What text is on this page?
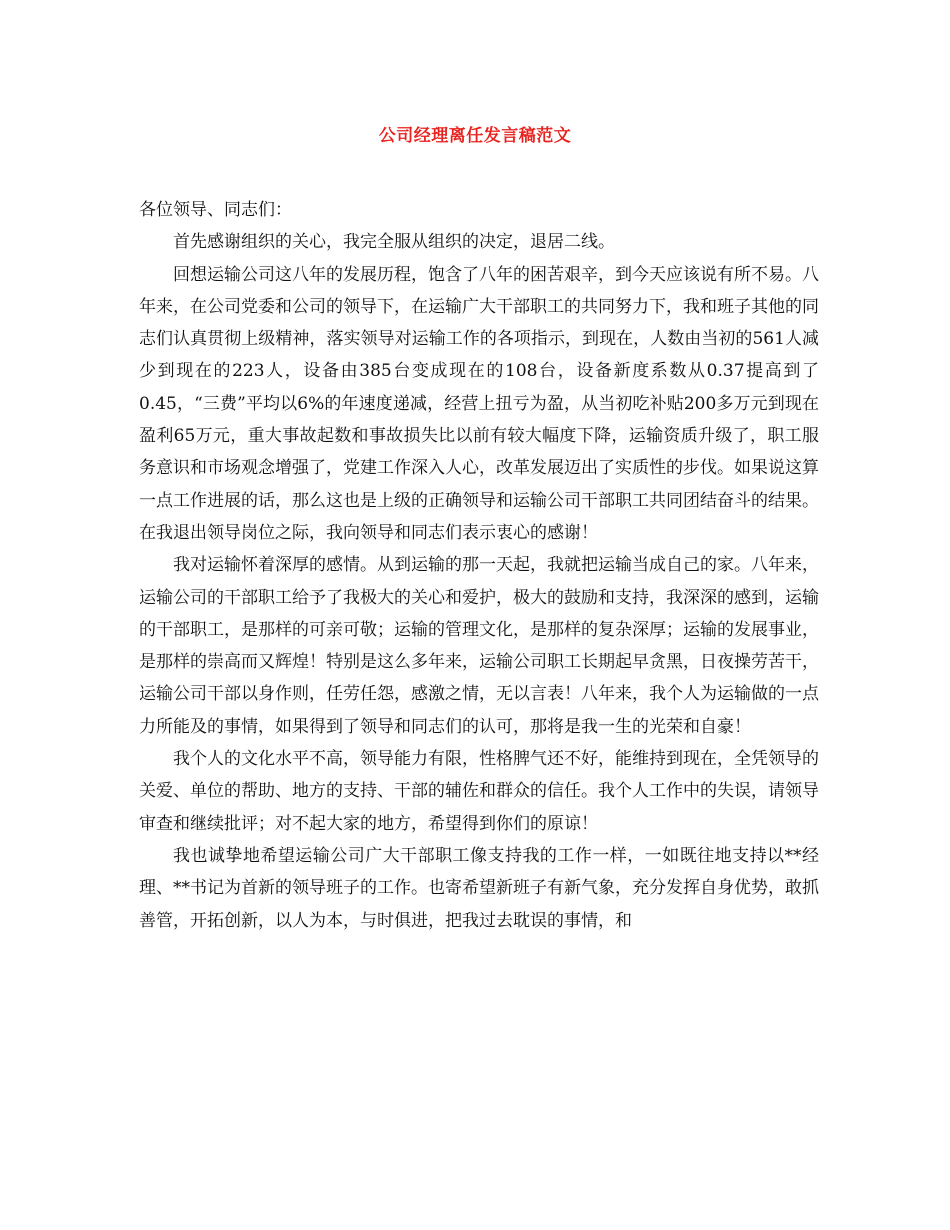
公司经理离任发言稿范文

各位领导、同志们：

首先感谢组织的关心，我完全服从组织的决定，退居二线。

回想运输公司这八年的发展历程，饱含了八年的困苦艰辛，到今天应该说有所不易。八年来，在公司党委和公司的领导下，在运输广大干部职工的共同努力下，我和班子其他的同志们认真贯彻上级精神，落实领导对运输工作的各项指示，到现在，人数由当初的561人减少到现在的223人，设备由385台变成现在的108台，设备新度系数从0.37提高到了0.45，“三费”平均以6%的年速度递减，经营上扭亏为盈，从当初吃补贴200多万元到现在盈利65万元，重大事故起数和事故损失比以前有较大幅度下降，运输资质升级了，职工服务意识和市场观念增强了，党建工作深入人心，改革发展迈出了实质性的步伐。如果说这算一点工作进展的话，那么这也是上级的正确领导和运输公司干部职工共同团结奋斗的结果。在我退出领导岗位之际，我向领导和同志们表示衷心的感谢！

我对运输怀着深厚的感情。从到运输的那一天起，我就把运输当成自己的家。八年来，运输公司的干部职工给予了我极大的关心和爱护，极大的鼓励和支持，我深深的感到，运输的干部职工，是那样的可亲可敬；运输的管理文化，是那样的复杂深厚；运输的发展事业，是那样的崇高而又辉煌！特别是这么多年来，运输公司职工长期起早贪黑，日夜操劳苦干，运输公司干部以身作则，任劳任怨，感激之情，无以言表！八年来，我个人为运输做的一点力所能及的事情，如果得到了领导和同志们的认可，那将是我一生的光荣和自豪！

我个人的文化水平不高，领导能力有限，性格脾气还不好，能维持到现在，全凭领导的关爱、单位的帮助、地方的支持、干部的辅佐和群众的信任。我个人工作中的失误，请领导审查和继续批评；对不起大家的地方，希望得到你们的原谅！

我也诚挚地希望运输公司广大干部职工像支持我的工作一样，一如既往地支持以**经理、**书记为首新的领导班子的工作。也寄希望新班子有新气象，充分发挥自身优势，敢抓善管，开拓创新，以人为本，与时俱进，把我过去耽误的事情，和
